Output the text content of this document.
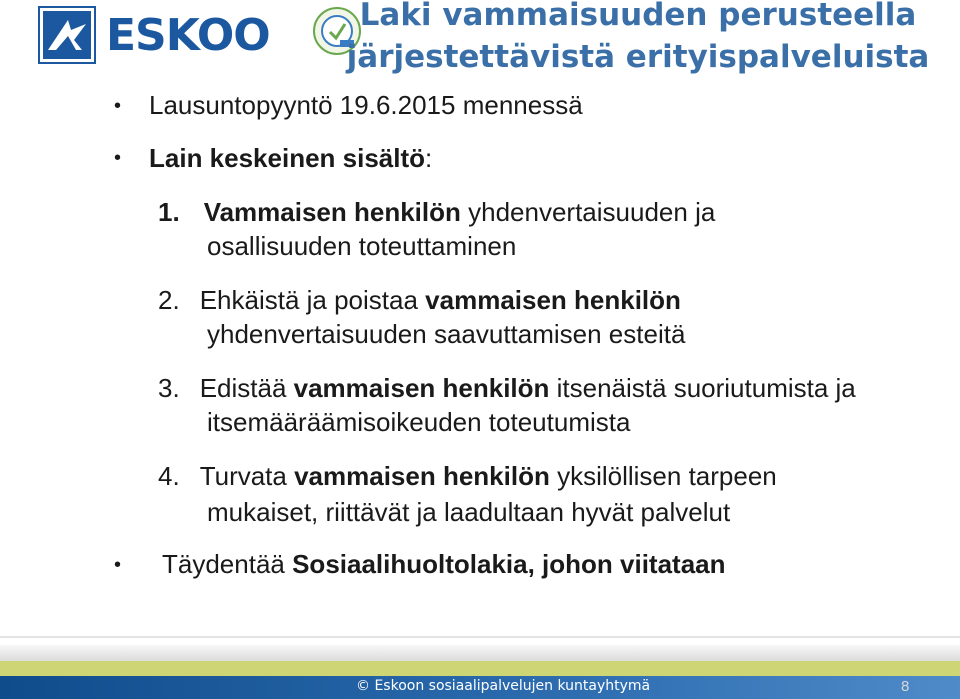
ESKOO	Laki vammaisuuden perusteella
järjestettävistä erityispalveluista
• Lausuntopyyntö 19.6.2015 mennessä
• Lain keskeinen sisältö:
1. Vammaisen henkilön yhdenvertaisuuden ja
osallisuuden toteuttaminen
2. Ehkäistä ja poistaa vammaisen henkilön
yhdenvertaisuuden saavuttamisen esteitä
3. Edistää vammaisen henkilön itsenäistä suoriutumista ja
itsemääräämisoikeuden toteutumista
4. Turvata vammaisen henkilön yksilöllisen tarpeen
mukaiset, riittävät ja laadultaan hyvät palvelut
• Täydentää Sosiaalihuoltolakia, johon viitataan
© Eskoon sosiaalipalvelujen kuntayhtymä	8
